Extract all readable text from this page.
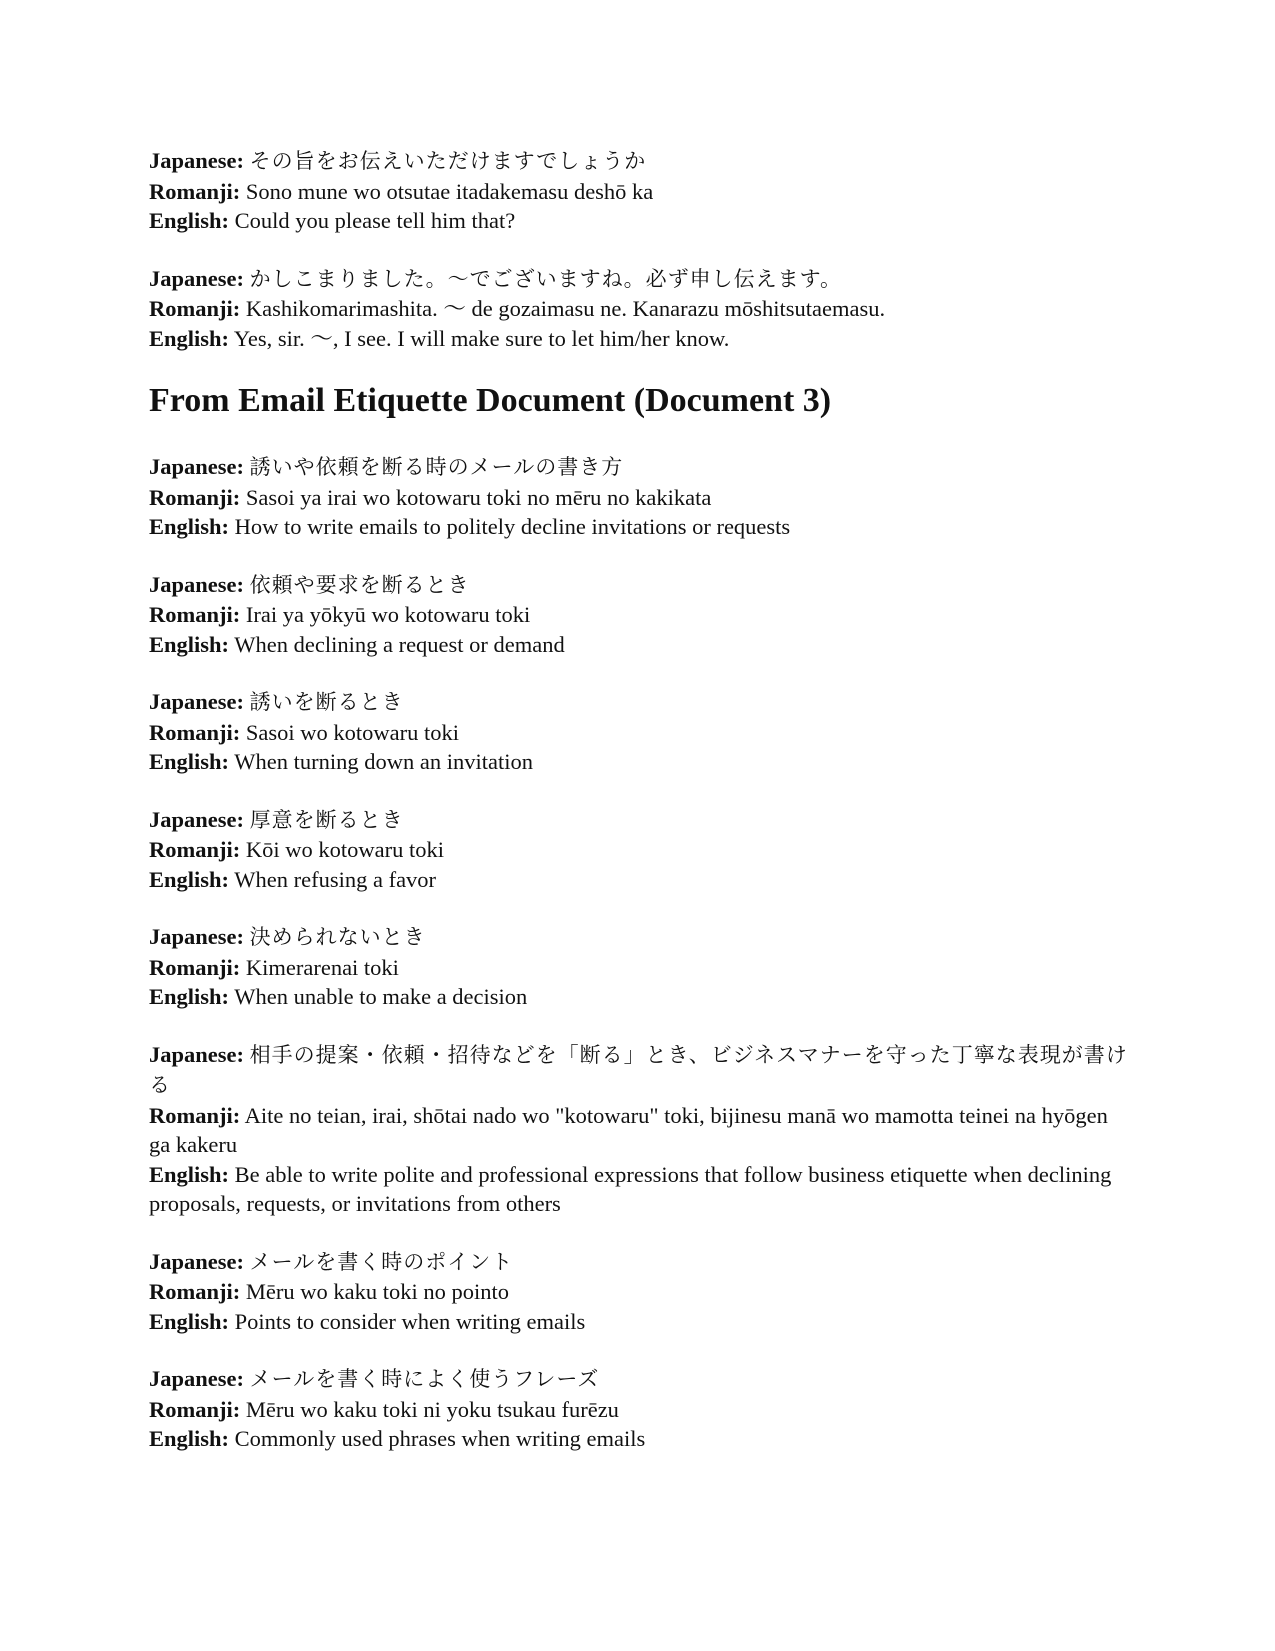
Japanese: その旨をお伝えいただけますでしょうか

Romanji: Sono mune wo otsutae itadakemasu deshō ka

English: Could you please tell him that?

Japanese: かしこまりました。〜でございますね。必ず申し伝えます。

Romanji: Kashikomarimashita. 〜 de gozaimasu ne. Kanarazu mōshitsutaemasu.

English: Yes, sir. 〜, I see. I will make sure to let him/her know.

From Email Etiquette Document (Document 3)

Japanese: 誘いや依頼を断る時のメールの書き方

Romanji: Sasoi ya irai wo kotowaru toki no mēru no kakikata

English: How to write emails to politely decline invitations or requests

Japanese: 依頼や要求を断るとき

Romanji: Irai ya yōkyū wo kotowaru toki

English: When declining a request or demand

Japanese: 誘いを断るとき

Romanji: Sasoi wo kotowaru toki

English: When turning down an invitation

Japanese: 厚意を断るとき

Romanji: Kōi wo kotowaru toki

English: When refusing a favor

Japanese: 決められないとき

Romanji: Kimerarenai toki

English: When unable to make a decision

Japanese: 相手の提案・依頼・招待などを「断る」とき、ビジネスマナーを守った丁寧な表現が書ける

Romanji: Aite no teian, irai, shōtai nado wo "kotowaru" toki, bijinesu manā wo mamotta teinei na hyōgen ga kakeru

English: Be able to write polite and professional expressions that follow business etiquette when declining proposals, requests, or invitations from others

Japanese: メールを書く時のポイント

Romanji: Mēru wo kaku toki no pointo

English: Points to consider when writing emails

Japanese: メールを書く時によく使うフレーズ

Romanji: Mēru wo kaku toki ni yoku tsukau furēzu

English: Commonly used phrases when writing emails
